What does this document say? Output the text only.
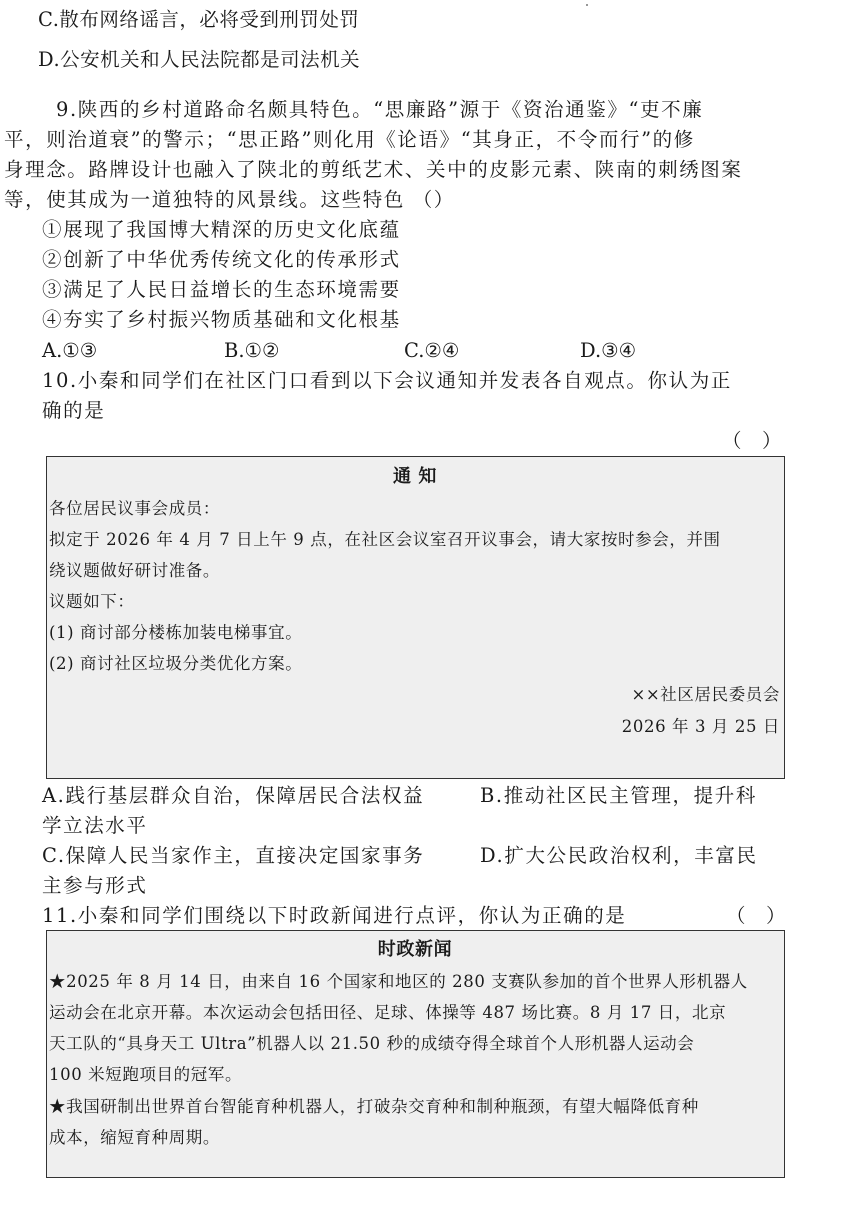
C.散布网络谣言，必将受到刑罚处罚
D.公安机关和人民法院都是司法机关
9.陕西的乡村道路命名颇具特色。“思廉路”源于《资治通鉴》“吏不廉
平，则治道衰”的警示；“思正路”则化用《论语》“其身正，不令而行”的修
身理念。路牌设计也融入了陕北的剪纸艺术、关中的皮影元素、陕南的刺绣图案
等，使其成为一道独特的风景线。这些特色 （）
①展现了我国博大精深的历史文化底蕴
②创新了中华优秀传统文化的传承形式
③满足了人民日益增长的生态环境需要
④夯实了乡村振兴物质基础和文化根基
A.①③	B.①②	C.②④	D.③④
10.小秦和同学们在社区门口看到以下会议通知并发表各自观点。你认为正
确的是
（　）
通 知
各位居民议事会成员：
拟定于 2026 年 4 月 7 日上午 9 点，在社区会议室召开议事会，请大家按时参会，并围
绕议题做好研讨准备。
议题如下：
(1) 商讨部分楼栋加装电梯事宜。
(2) 商讨社区垃圾分类优化方案。
××社区居民委员会
2026 年 3 月 25 日
A.践行基层群众自治，保障居民合法权益	B.推动社区民主管理，提升科
学立法水平
C.保障人民当家作主，直接决定国家事务	D.扩大公民政治权利，丰富民
主参与形式
11.小秦和同学们围绕以下时政新闻进行点评，你认为正确的是	（　）
时政新闻
★2025 年 8 月 14 日，由来自 16 个国家和地区的 280 支赛队参加的首个世界人形机器人
运动会在北京开幕。本次运动会包括田径、足球、体操等 487 场比赛。8 月 17 日，北京
天工队的“具身天工 Ultra”机器人以 21.50 秒的成绩夺得全球首个人形机器人运动会
100 米短跑项目的冠军。
★我国研制出世界首台智能育种机器人，打破杂交育种和制种瓶颈，有望大幅降低育种
成本，缩短育种周期。
